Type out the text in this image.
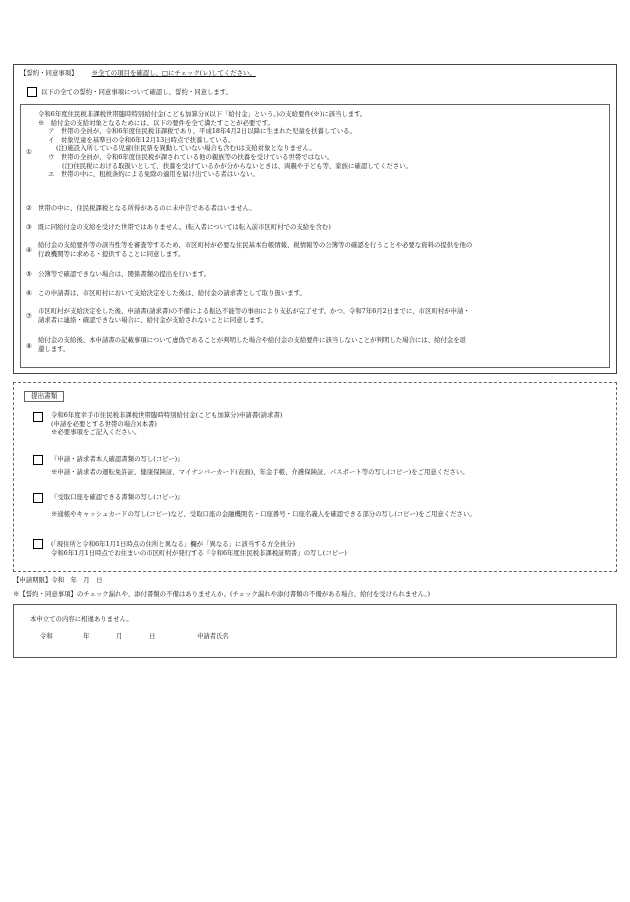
【誓約・同意事項】 ※全ての項目を確認し、□にチェック(レ)してください。
以下の全ての誓約・同意事項について確認し、誓約・同意します。
①
令和6年度住民税非課税世帯臨時特別給付金(こども加算分)(以下「給付金」という。)の支給要件(※)に該当します。
※　給付金の支給対象となるためには、以下の要件を全て満たすことが必要です。
ア　世帯の全員が、令和6年度住民税非課税であり、平成18年4月2日以降に生まれた児童を扶養している。
イ　対象児童を基準日の令和6年12月13日時点で扶養している。
(注)施設入所している児童(住民票を異動していない場合も含む)は支給対象となりません。
ウ　世帯の全員が、令和6年度住民税が課されている他の親族等の扶養を受けている世帯ではない。
(注)住民税における取扱いとして、扶養を受けているかが分からないときは、両親や子ども等、家族に確認してください。
エ　世帯の中に、租税条約による免除の適用を届け出ている者はいない。
② 世帯の中に、住民税課税となる所得があるのに未申告である者はいません。
③ 既に同給付金の支給を受けた世帯ではありません。(転入者については転入前市区町村での支給を含む)
④
給付金の支給要件等の該当性等を審査等するため、市区町村が必要な住民基本台帳情報、税情報等の公簿等の確認を行うことや必要な資料の提供を他の
行政機関等に求める・提供することに同意します。
⑤ 公簿等で確認できない場合は、関係書類の提出を行います。
⑥ この申請書は、市区町村において支給決定をした後は、給付金の請求書として取り扱います。
⑦
市区町村が支給決定をした後、申請書(請求書)の不備による振込不能等の事由により支払が完了せず、かつ、令和7年6月2日までに、市区町村が申請・
請求者に連絡・確認できない場合に、給付金が支給されないことに同意します。
⑧
給付金の支給後、本申請書の記載事項について虚偽であることが判明した場合や給付金の支給要件に該当しないことが判明した場合には、給付金を返
還します。
提出書類
令和6年度幸手市住民税非課税世帯臨時特別給付金(こども加算分)申請書(請求書)
(申請を必要とする世帯の場合)(本書)
※必要事項をご記入ください。
『申請・請求者本人確認書類の写し(コピー)』
※申請・請求者の運転免許証、健康保険証、マイナンバーカード(表面)、年金手帳、介護保険証、パスポート等の写し(コピー)をご用意ください。
『受取口座を確認できる書類の写し(コピー)』
※通帳やキャッシュカードの写し(コピー)など、受取口座の金融機関名・口座番号・口座名義人を確認できる部分の写し(コピー)をご用意ください。
(「現住所と令和6年1月1日時点の住所と異なる」欄が「異なる」に該当する方全員分)
令和6年1月1日時点でお住まいの市区町村が発行する『令和6年度住民税非課税証明書』の写し(コピー)
【申請期限】令和　年　月　日
※【誓約・同意事項】のチェック漏れや、添付書類の不備はありませんか。(チェック漏れや添付書類の不備がある場合、給付を受けられません。)
本申立ての内容に相違ありません。
令和	年	月	日	申請者氏名
